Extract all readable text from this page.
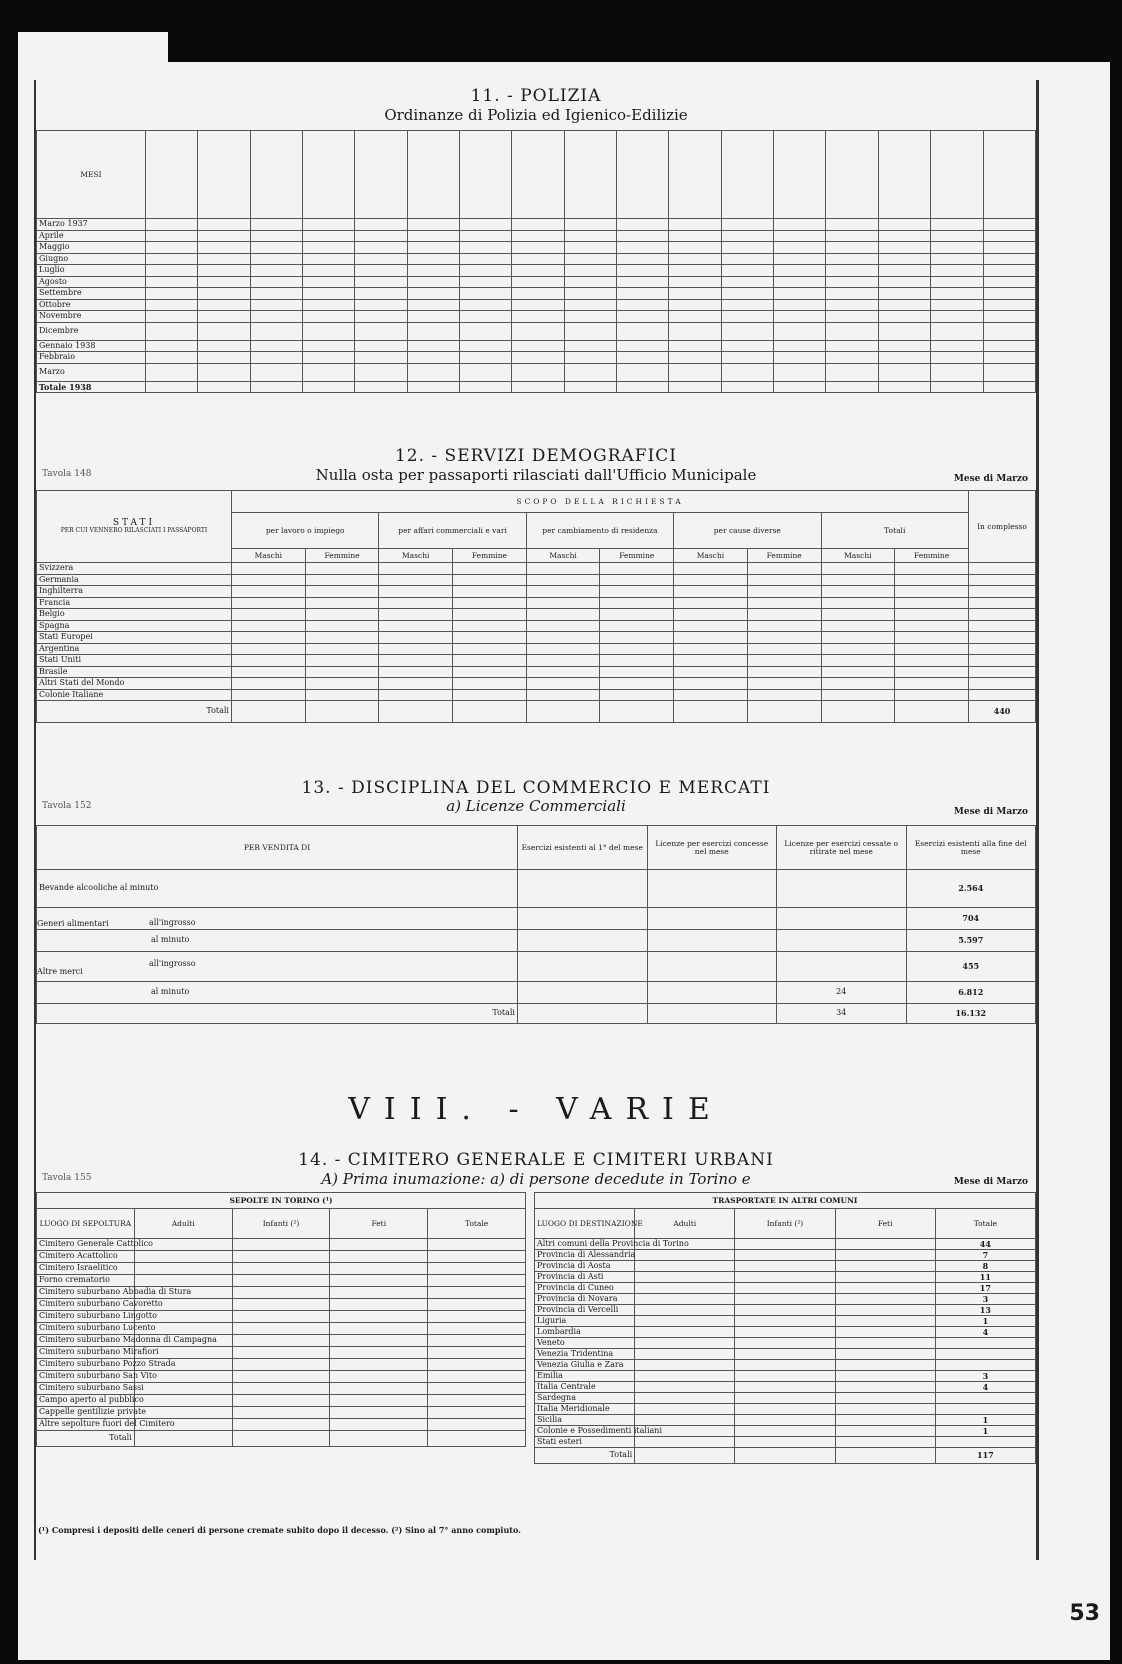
11. - POLIZIA
Ordinanze di Polizia ed Igienico-Edilizie
MESI																	
Marzo 1937																	
Aprile																	
Maggio																	
Giugno																	
Luglio																	
Agosto																	
Settembre																	
Ottobre																	
Novembre																	
Dicembre																	
Gennaio 1938																	
Febbraio																	
Marzo																	
Totale 1938																	
12. - SERVIZI DEMOGRAFICI
Tavola 148	Nulla osta per passaporti rilasciati dall'Ufficio Municipale	Mese di Marzo
STATI
PER CUI VENNERO RILASCIATI I PASSAPORTI	SCOPO DELLA RICHIESTA										In complesso
	per lavoro o impiego		per affari commerciali e vari		per cambiamento di residenza		per cause diverse		Totali		
	Maschi	Femmine	Maschi	Femmine	Maschi	Femmine	Maschi	Femmine	Maschi	Femmine	
Svizzera											
Germania											
Inghilterra											
Francia											
Belgio											
Spagna											
Stati Europei											
Argentina											
Stati Uniti											
Brasile											
Altri Stati del Mondo											
Colonie Italiane											
Totali											440
13. - DISCIPLINA DEL COMMERCIO E MERCATI
Tavola 152	a) Licenze Commerciali	Mese di Marzo
PER VENDITA DI	Esercizi esistenti al 1° del mese	Licenze per esercizi concesse nel mese	Licenze per esercizi cessate o ritirate nel mese	Esercizi esistenti alla fine del mese
Bevande alcooliche al minuto				2.564

Generi alimentari all'ingrosso				704
al minuto				5.597

Altre merci
all'ingrosso				455
al minuto			24	6.812
Totali			34	16.132
VIII. - VARIE
14. - CIMITERO GENERALE E CIMITERI URBANI
Tavola 155	A) Prima inumazione: a) di persone decedute in Torino e	Mese di Marzo
SEPOLTE IN TORINO (¹)				
LUOGO DI SEPOLTURA	Adulti	Infanti (²)	Feti	Totale
Cimitero Generale Cattolico				
Cimitero Acattolico				
Cimitero Israelitico				
Forno crematorio				
Cimitero suburbano Abbadia di Stura				
Cimitero suburbano Cavoretto				
Cimitero suburbano Lingotto				
Cimitero suburbano Lucento				
Cimitero suburbano Madonna di Campagna				
Cimitero suburbano Mirafiori				
Cimitero suburbano Pozzo Strada				
Cimitero suburbano San Vito				
Cimitero suburbano Sassi				
Campo aperto al pubblico				
Cappelle gentilizie private				
Altre sepolture fuori del Cimitero				
Totali				
TRASPORTATE IN ALTRI COMUNI				
LUOGO DI DESTINAZIONE	Adulti	Infanti (²)	Feti	Totale
Altri comuni della Provincia di Torino				44
Provincia di Alessandria				7
Provincia di Aosta				8
Provincia di Asti				11
Provincia di Cuneo				17
Provincia di Novara				3
Provincia di Vercelli				13
Liguria				1
Lombardia				4
Veneto				
Venezia Tridentina				
Venezia Giulia e Zara				
Emilia				3
Italia Centrale				4
Sardegna				
Italia Meridionale				
Sicilia				1
Colonie e Possedimenti italiani				1
Stati esteri				
Totali				117
(¹) Compresi i depositi delle ceneri di persone cremate subito dopo il decesso. (²) Sino al 7° anno compiuto.
53
